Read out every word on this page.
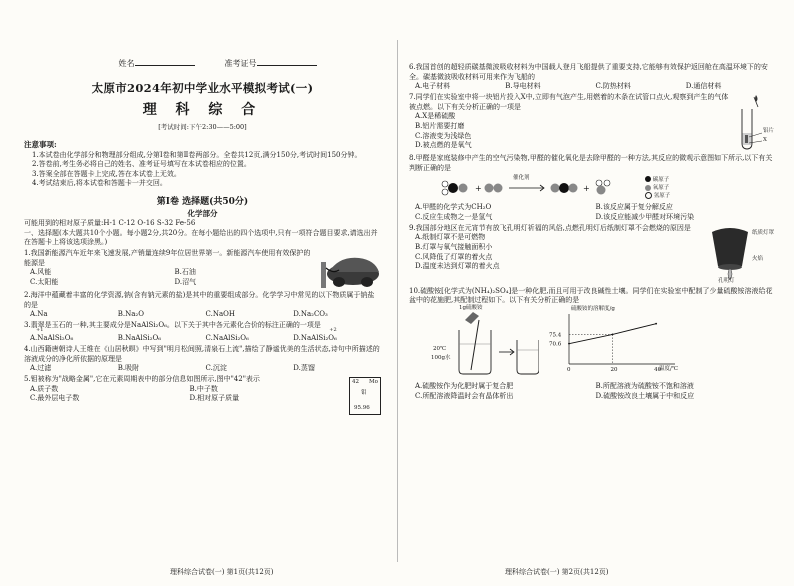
姓名	准考证号
太原市2024年初中学业水平模拟考试(一)
理 科 综 合
[考试时间:下午2:30——5:00]
注意事项:
1.本试卷由化学部分和物理部分组成,分第Ⅰ卷和第Ⅱ卷两部分。全卷共12页,满分150分,考试时间150分钟。
2.答卷前,考生务必将自己的姓名、准考证号填写在本试卷相应的位置。
3.答案全部在答题卡上完成,答在本试卷上无效。
4.考试结束后,将本试卷和答题卡一并交回。
第Ⅰ卷 选择题(共50分)
化学部分
可能用到的相对原子质量:H-1 C-12 O-16 S-32 Fe-56
一、选择题(本大题共10个小题。每小题2分,共20分。在每小题给出的四个选项中,只有一项符合题目要求,请选出并在答题卡上将该选项涂黑。)
1.我国新能源汽车近年来飞速发展,产销量连续9年位居世界第一。新能源汽车使用有效保护的能源是
A.风能	B.石油
C.太阳能	D.沼气
2.海洋中蕴藏着丰富的化学资源,钠(含有钠元素的盐)是其中的重要组成部分。化学学习中常见的以下物质属于钠盐的是
A.Na	B.Na₂O	C.NaOH	D.Na₂CO₃
3.翡翠是玉石的一种,其主要成分是NaAlSi₂O₆。以下关于其中各元素化合价的标注正确的一项是
+1
A.NaAlSi₂O₆	B.NaAlSi₂O₆	C.NaAlSi₂O₆
+2
D.NaAlSi₂O₆
4.山西籍唐朝诗人王维在《山居秋暝》中写到"明月松间照,清泉石上流",描绘了静谧优美的生活状态,诗句中所描述的溶液成分的净化所依据的原理是
A.过滤	B.吸附	C.沉淀	D.蒸馏
5.钼被称为"战略金属",它在元素周期表中的部分信息如图所示,图中"42"表示
A.质子数	B.中子数
C.最外层电子数	D.相对原子质量
42 Mo
钼
95.96
理科综合试卷(一) 第1页(共12页)
6.我国首创的超轻质碳基微波吸收材料为中国载人登月飞船提供了重要支持,它能够有效保护返回舱在高温环境下的安全。碳基微波吸收材料可用来作为飞船的
A.电子材料	B.导电材料	C.防热材料	D.通信材料
7.同学们在实验室中将一块铝片投入X中,立即有气泡产生,用燃着的木条在试管口点火,观察到产生的气体被点燃。以下有关分析正确的一项是
A.X是稀硫酸
B.铝片需要打磨
C.溶液变为浅绿色
D.被点燃的是氧气
铝片
X
8.甲醛是家庭装修中产生的空气污染物,甲醛的催化氧化是去除甲醛的一种方法,其反应的微观示意图如下所示,以下有关判断正确的是
+	+
催化剂	碳原子
氧原子
氢原子
A.甲醛的化学式为CH₂O	B.该反应属于复分解反应
C.反应生成物之一是氢气	D.该反应能减少甲醛对环境污染
9.我国部分地区在元宵节有放飞孔明灯祈福的风俗,点燃孔明灯后纸制灯罩不会燃烧的原因是
A.纸制灯罩不是可燃物
B.灯罩与氧气接触面积小
C.风降低了灯罩的着火点
D.温度未达到灯罩的着火点
纸质灯罩
火焰
孔明灯
10.硫酸铵[化学式为(NH₄)₂SO₄]是一种化肥,而且可用于改良碱性土壤。同学们在实验室中配制了少量硫酸铵溶液给花盆中的花施肥,其配制过程如下。以下有关分析正确的是
1g硫酸铵
20℃
100g水
硫酸铵的溶解度/g
0	20	40
70.6
75.4
温度/℃
A.硫酸铵作为化肥时属于复合肥	B.所配溶液为硫酸铵不饱和溶液
C.所配溶液降温时会有晶体析出	D.硫酸铵改良土壤属于中和反应
理科综合试卷(一) 第2页(共12页)
